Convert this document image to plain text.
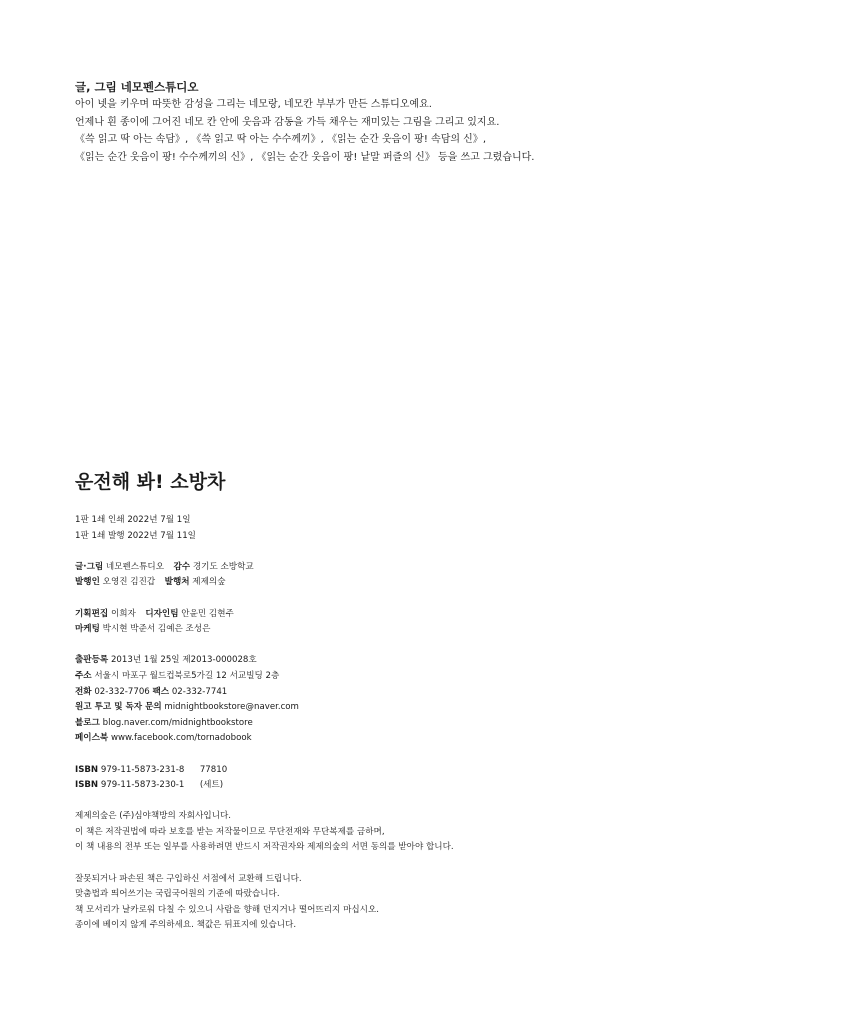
글, 그림 네모펜스튜디오

아이 넷을 키우며 따뜻한 감성을 그리는 네모랑, 네모칸 부부가 만든 스튜디오예요.

언제나 흰 종이에 그어진 네모 칸 안에 웃음과 감동을 가득 채우는 재미있는 그림을 그리고 있지요.

《쓱 읽고 딱 아는 속담》, 《쓱 읽고 딱 아는 수수께끼》, 《읽는 순간 웃음이 팡! 속담의 신》,

《읽는 순간 웃음이 팡! 수수께끼의 신》, 《읽는 순간 웃음이 팡! 낱말 퍼즐의 신》 등을 쓰고 그렸습니다.

운전해 봐! 소방차

1판 1쇄 인쇄 2022년 7월 1일

1판 1쇄 발행 2022년 7월 11일

글·그림 네모펜스튜디오 감수 경기도 소방학교

발행인 오영진 김진갑 발행처 제제의숲

기획편집 이희자 디자인팀 안윤민 김현주

마케팅 박시현 박준서 김예은 조성은

출판등록 2013년 1월 25일 제2013-000028호

주소 서울시 마포구 월드컵북로5가길 12 서교빌딩 2층

전화 02-332-7706 팩스 02-332-7741

원고 투고 및 독자 문의 midnightbookstore@naver.com

블로그 blog.naver.com/midnightbookstore

페이스북 www.facebook.com/tornadobook

ISBN 979-11-5873-231-8 77810

ISBN 979-11-5873-230-1 (세트)

제제의숲은 (주)심야책방의 자회사입니다.

이 책은 저작권법에 따라 보호를 받는 저작물이므로 무단전재와 무단복제를 금하며,

이 책 내용의 전부 또는 일부를 사용하려면 반드시 저작권자와 제제의숲의 서면 동의를 받아야 합니다.

잘못되거나 파손된 책은 구입하신 서점에서 교환해 드립니다.

맞춤법과 띄어쓰기는 국립국어원의 기준에 따랐습니다.

책 모서리가 날카로워 다칠 수 있으니 사람을 향해 던지거나 떨어뜨리지 마십시오.

종이에 베이지 않게 주의하세요. 책값은 뒤표지에 있습니다.
